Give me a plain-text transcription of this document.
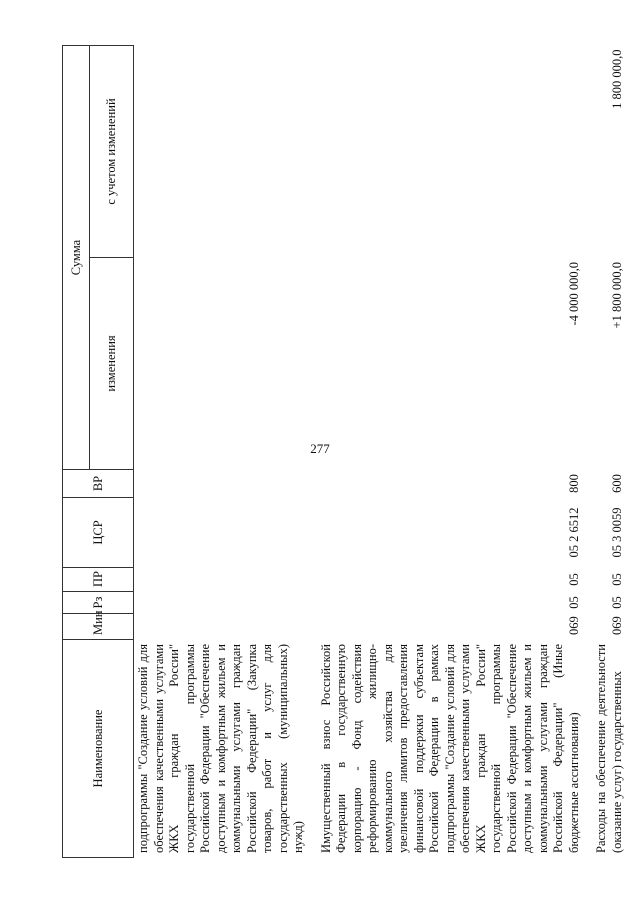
277
Наименование	Мин	Рз	ПР	ЦСР	ВР	Сумма	
						изменения	с учетом изменений
подпрограммы "Создание условий для обеспечения качественными услугами ЖКХ граждан России" государственной программы Российской Федерации "Обеспечение доступным и комфортным жильем и коммунальными услугами граждан Российской Федерации" (Закупка товаров, работ и услуг для государственных (муниципальных) нужд)							
Имущественный взнос Российской Федерации в государственную корпорацию - Фонд содействия реформированию жилищно-коммунального хозяйства для увеличения лимитов предоставления финансовой поддержки субъектам Российской Федерации в рамках подпрограммы "Создание условий для обеспечения качественными услугами ЖКХ граждан России" государственной программы Российской Федерации "Обеспечение доступным и комфортным жильем и коммунальными услугами граждан Российской Федерации" (Иные бюджетные ассигнования)	069	05	05	05 2 6512	800	-4 000 000,0	
Расходы на обеспечение деятельности (оказание услуг) государственных	069	05	05	05 3 0059	600	+1 800 000,0	1 800 000,0
